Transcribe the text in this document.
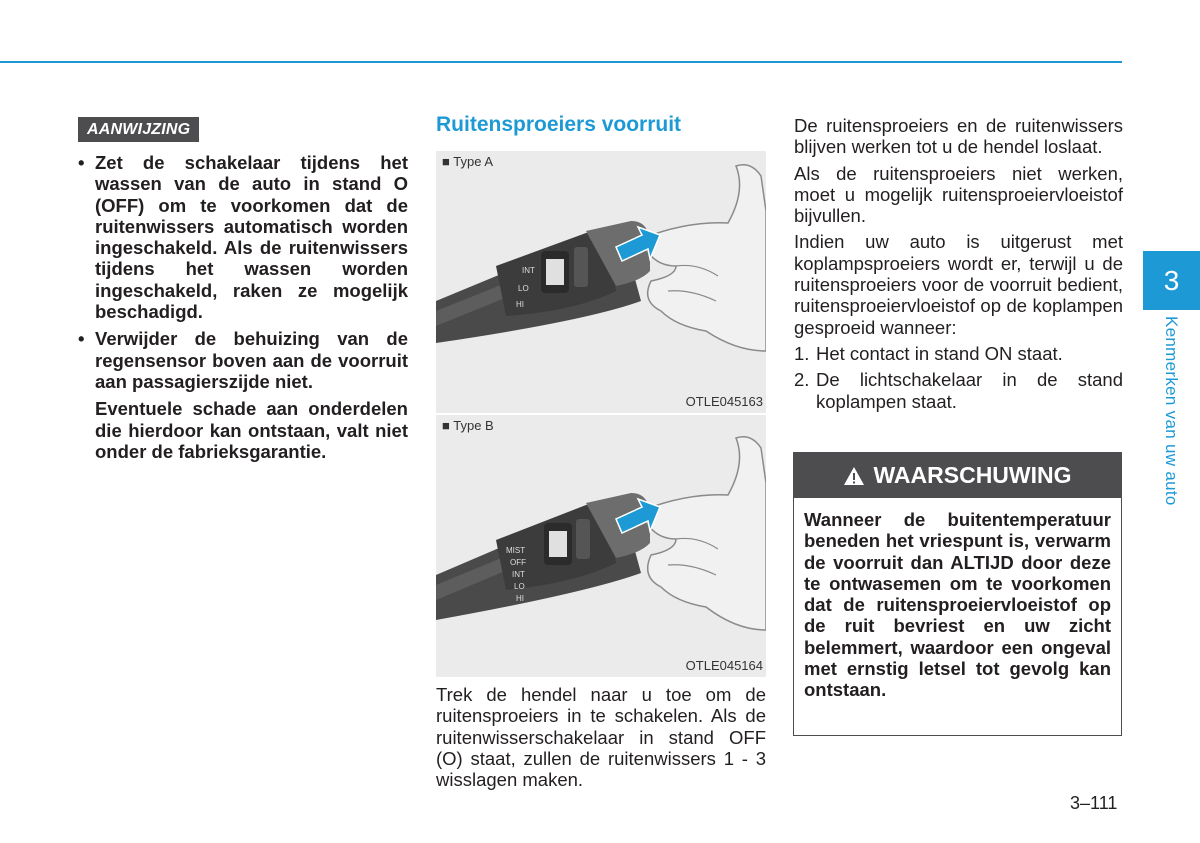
AANWIJZING
• Zet de schakelaar tijdens het wassen van de auto in stand O (OFF) om te voorkomen dat de ruitenwissers automatisch worden ingeschakeld. Als de ruitenwissers tijdens het wassen worden ingeschakeld, raken ze mogelijk beschadigd.
• Verwijder de behuizing van de regensensor boven aan de voorruit aan passagierszijde niet.

Eventuele schade aan onderdelen die hierdoor kan ontstaan, valt niet onder de fabrieksgarantie.

Ruitensproeiers voorruit
INT
LO
HI
■ Type A
OTLE045163
MIST
OFF
INT
LO
HI
■ Type B
OTLE045164

Trek de hendel naar u toe om de ruitensproeiers in te schakelen. Als de ruitenwisserschakelaar in stand OFF (O) staat, zullen de ruitenwissers 1 - 3 wisslagen maken.

De ruitensproeiers en de ruitenwissers blijven werken tot u de hendel loslaat.

Als de ruitensproeiers niet werken, moet u mogelijk ruitensproeiervloeistof bijvullen.

Indien uw auto is uitgerust met koplampsproeiers wordt er, terwijl u de ruitensproeiers voor de voorruit bedient, ruitensproeiervloeistof op de koplampen gesproeid wanneer:

1. Het contact in stand ON staat.
2. De lichtschakelaar in de stand koplampen staat.
WAARSCHUWING

Wanneer de buitentemperatuur beneden het vriespunt is, verwarm de voorruit dan ALTIJD door deze te ontwasemen om te voorkomen dat de ruitensproeiervloeistof op de ruit bevriest en uw zicht belemmert, waardoor een ongeval met ernstig letsel tot gevolg kan ontstaan.

3
Kenmerken van uw auto
3–111
